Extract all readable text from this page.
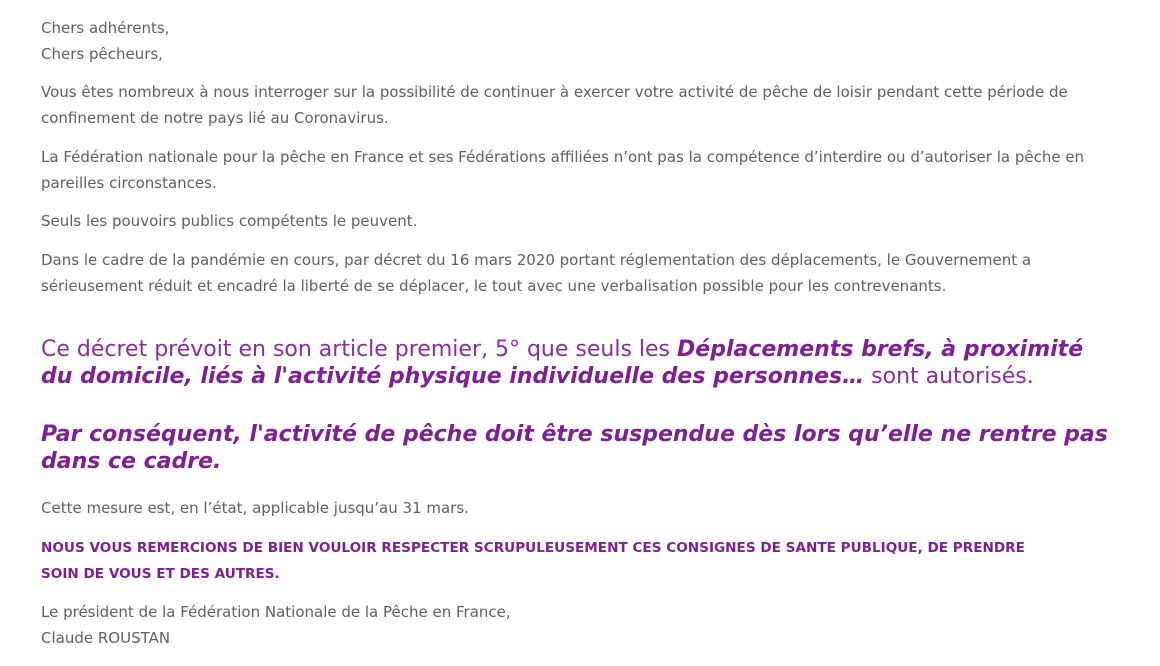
Chers adhérents,
Chers pêcheurs,
Vous êtes nombreux à nous interroger sur la possibilité de continuer à exercer votre activité de pêche de loisir pendant cette période de
confinement de notre pays lié au Coronavirus.
La Fédération nationale pour la pêche en France et ses Fédérations affiliées n’ont pas la compétence d’interdire ou d’autoriser la pêche en
pareilles circonstances.
Seuls les pouvoirs publics compétents le peuvent.
Dans le cadre de la pandémie en cours, par décret du 16 mars 2020 portant réglementation des déplacements, le Gouvernement a
sérieusement réduit et encadré la liberté de se déplacer, le tout avec une verbalisation possible pour les contrevenants.
Ce décret prévoit en son article premier, 5° que seuls les Déplacements brefs, à proximité
du domicile, liés à l'activité physique individuelle des personnes… sont autorisés.
Par conséquent, l'activité de pêche doit être suspendue dès lors qu’elle ne rentre pas
dans ce cadre.
Cette mesure est, en l’état, applicable jusqu’au 31 mars.
NOUS VOUS REMERCIONS DE BIEN VOULOIR RESPECTER SCRUPULEUSEMENT CES CONSIGNES DE SANTE PUBLIQUE, DE PRENDRE
SOIN DE VOUS ET DES AUTRES.
Le président de la Fédération Nationale de la Pêche en France,
Claude ROUSTAN
